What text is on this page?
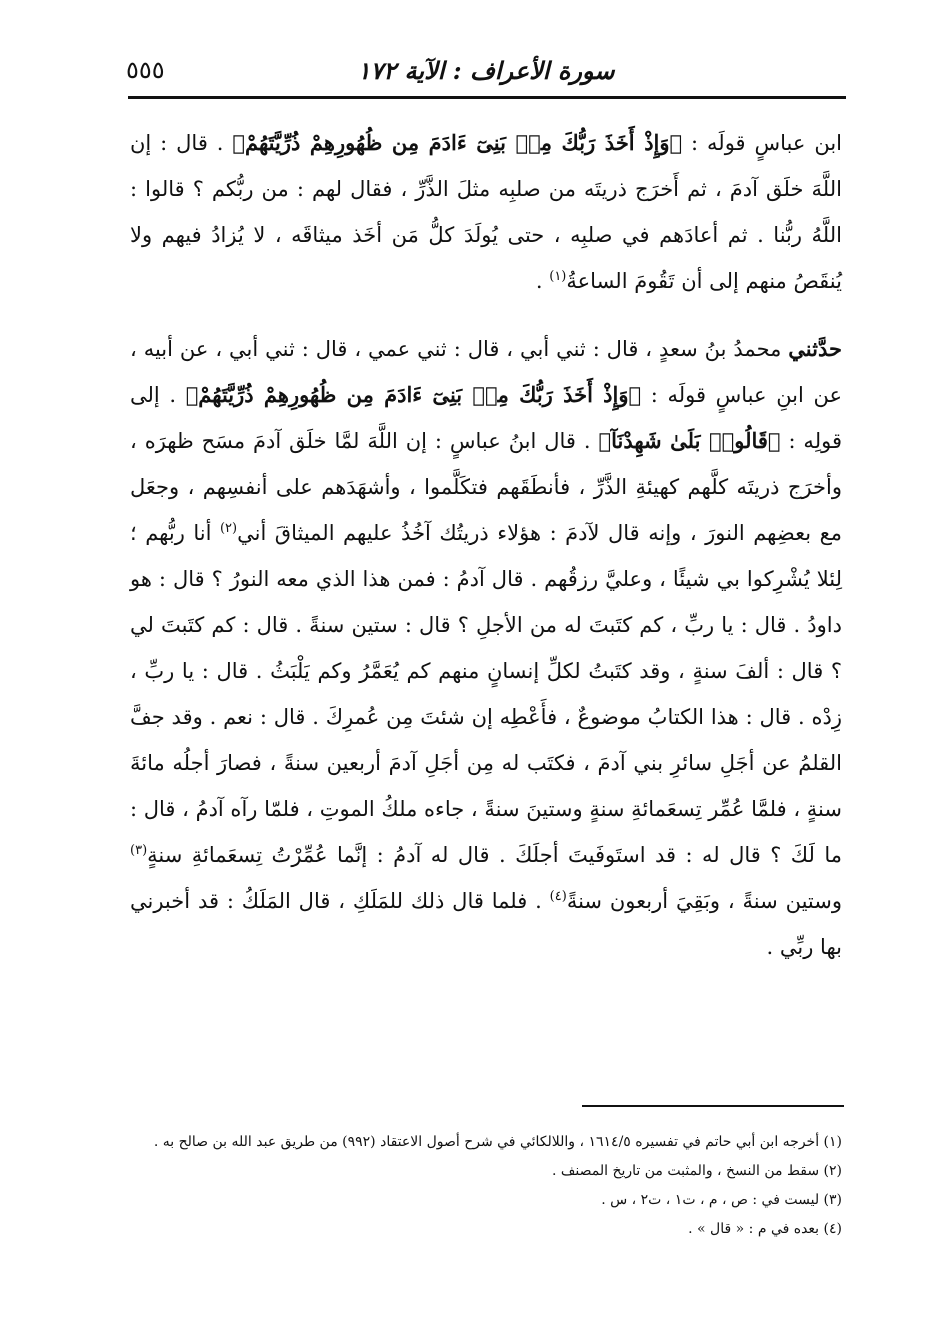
٥٥٥	سورة الأعراف : الآية ١٧٢

ابن عباسٍ قولَه : ﴿وَإِذْ أَخَذَ رَبُّكَ مِنۢ بَنِىٓ ءَادَمَ مِن ظُهُورِهِمْ ذُرِّيَّتَهُمْ﴾ . قال : إن اللَّهَ خلَق آدمَ ، ثم أَخرَج ذريتَه من صلبِه مثلَ الذَّرِّ ، فقال لهم : من ربُّكم ؟ قالوا : اللَّهُ ربُّنا . ثم أعادَهم في صلبِه ، حتى يُولَدَ كلُّ مَن أخَذ ميثاقَه ، لا يُزادُ فيهم ولا يُنقَصُ منهم إلى أن تَقُومَ الساعةُ$^{(١)}$ .

حدَّثني محمدُ بنُ سعدٍ ، قال : ثني أبي ، قال : ثني عمي ، قال : ثني أبي ، عن أبيه ، عن ابنِ عباسٍ قولَه : ﴿وَإِذْ أَخَذَ رَبُّكَ مِنۢ بَنِىٓ ءَادَمَ مِن ظُهُورِهِمْ ذُرِّيَّتَهُمْ﴾ . إلى قولِه : ﴿قَالُوا۟ بَلَىٰ شَهِدْنَآ﴾ . قال ابنُ عباسٍ : إن اللَّهَ لمَّا خلَق آدمَ مسَح ظهرَه ، وأخرَج ذريتَه كلَّهم كهيئةِ الذَّرِّ ، فأنطَقَهم فتكَلَّموا ، وأشهَدَهم على أنفسِهم ، وجعَل مع بعضِهم النورَ ، وإنه قال لآدمَ : هؤلاء ذريتُك آخُذُ عليهم الميثاقَ أني$^{(٢)}$ أنا ربُّهم ؛ لِئلا يُشْرِكوا بي شيئًا ، وعليَّ رزقُهم . قال آدمُ : فمن هذا الذي معه النورُ ؟ قال : هو داودُ . قال : يا ربِّ ، كم كتَبتَ له من الأجلِ ؟ قال : ستين سنةً . قال : كم كتَبتَ لي ؟ قال : ألفَ سنةٍ ، وقد كتَبتُ لكلِّ إنسانٍ منهم كم يُعَمَّرُ وكم يَلْبَثُ . قال : يا ربِّ ، زِدْه . قال : هذا الكتابُ موضوعٌ ، فأَعْطِه إن شئتَ مِن عُمرِكَ . قال : نعم . وقد جفَّ القلمُ عن أجَلِ سائرِ بني آدمَ ، فكتَب له مِن أجَلِ آدمَ أربعين سنةً ، فصارَ أجلُه مائةَ سنةٍ ، فلمَّا عُمِّر تِسعَمائةِ سنةٍ وستينَ سنةً ، جاءه ملكُ الموتِ ، فلمّا رآه آدمُ ، قال : ما لَكَ ؟ قال له : قد استَوفَيتَ أجلَكَ . قال له آدمُ : إنَّما عُمِّرْتُ تِسعَمائةِ سنةٍ$^{(٣)}$ وستين سنةً ، وبَقِيَ أربعون سنةً$^{(٤)}$ . فلما قال ذلك للمَلَكِ ، قال المَلَكُ : قد أخبرني بها ربِّي .

(١) أخرجه ابن أبي حاتم في تفسيره ١٦١٤/٥ ، واللالكائي في شرح أصول الاعتقاد (٩٩٢) من طريق عبد الله بن صالح به .

(٢) سقط من النسخ ، والمثبت من تاريخ المصنف .

(٣) ليست في : ص ، م ، ت١ ، ت٢ ، س .

(٤) بعده في م : « قال » .
